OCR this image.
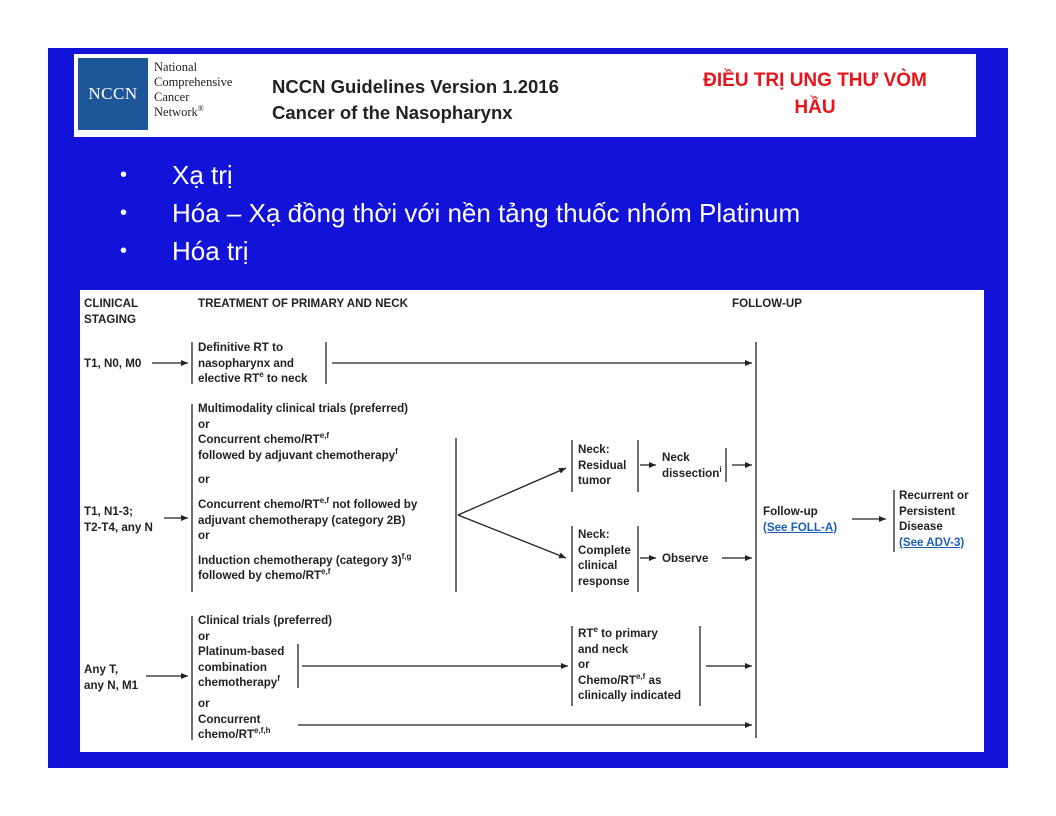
NCCN
National
Comprehensive
Cancer
Network®
NCCN Guidelines Version 1.2016
Cancer of the Nasopharynx
ĐIỀU TRỊ UNG THƯ VÒM
HẦU
• Xạ trị
• Hóa – Xạ đồng thời với nền tảng thuốc nhóm Platinum
• Hóa trị
CLINICAL
STAGING
TREATMENT OF PRIMARY AND NECK	FOLLOW-UP
T1, N0, M0
Definitive RT to
nasopharynx and
elective $RT^e$ to neck
T1, N1-3;
T2-T4, any N
Multimodality clinical trials (preferred)
or
Concurrent chemo/RT$^{e,f}$
followed by adjuvant chemotherapy$^f$
or
Concurrent chemo/RT$^{e,f}$ not followed by
adjuvant chemotherapy (category 2B)
or
Induction chemotherapy (category 3)$^{f,g}$
followed by chemo/RT$^{e,f}$
Neck:
Residual
tumor
Neck
dissection$^i$
Neck:
Complete
clinical
response
Observe
Follow-up
(See FOLL-A)
Recurrent or
Persistent
Disease
(See ADV-3)
Any T,
any N, M1
Clinical trials (preferred)
or
Platinum-based
combination
chemotherapy$^f$
or
Concurrent
chemo/RT$^{e,f,h}$
$RT^e$ to primary
and neck
or
Chemo/RT$^{e,f}$ as
clinically indicated
